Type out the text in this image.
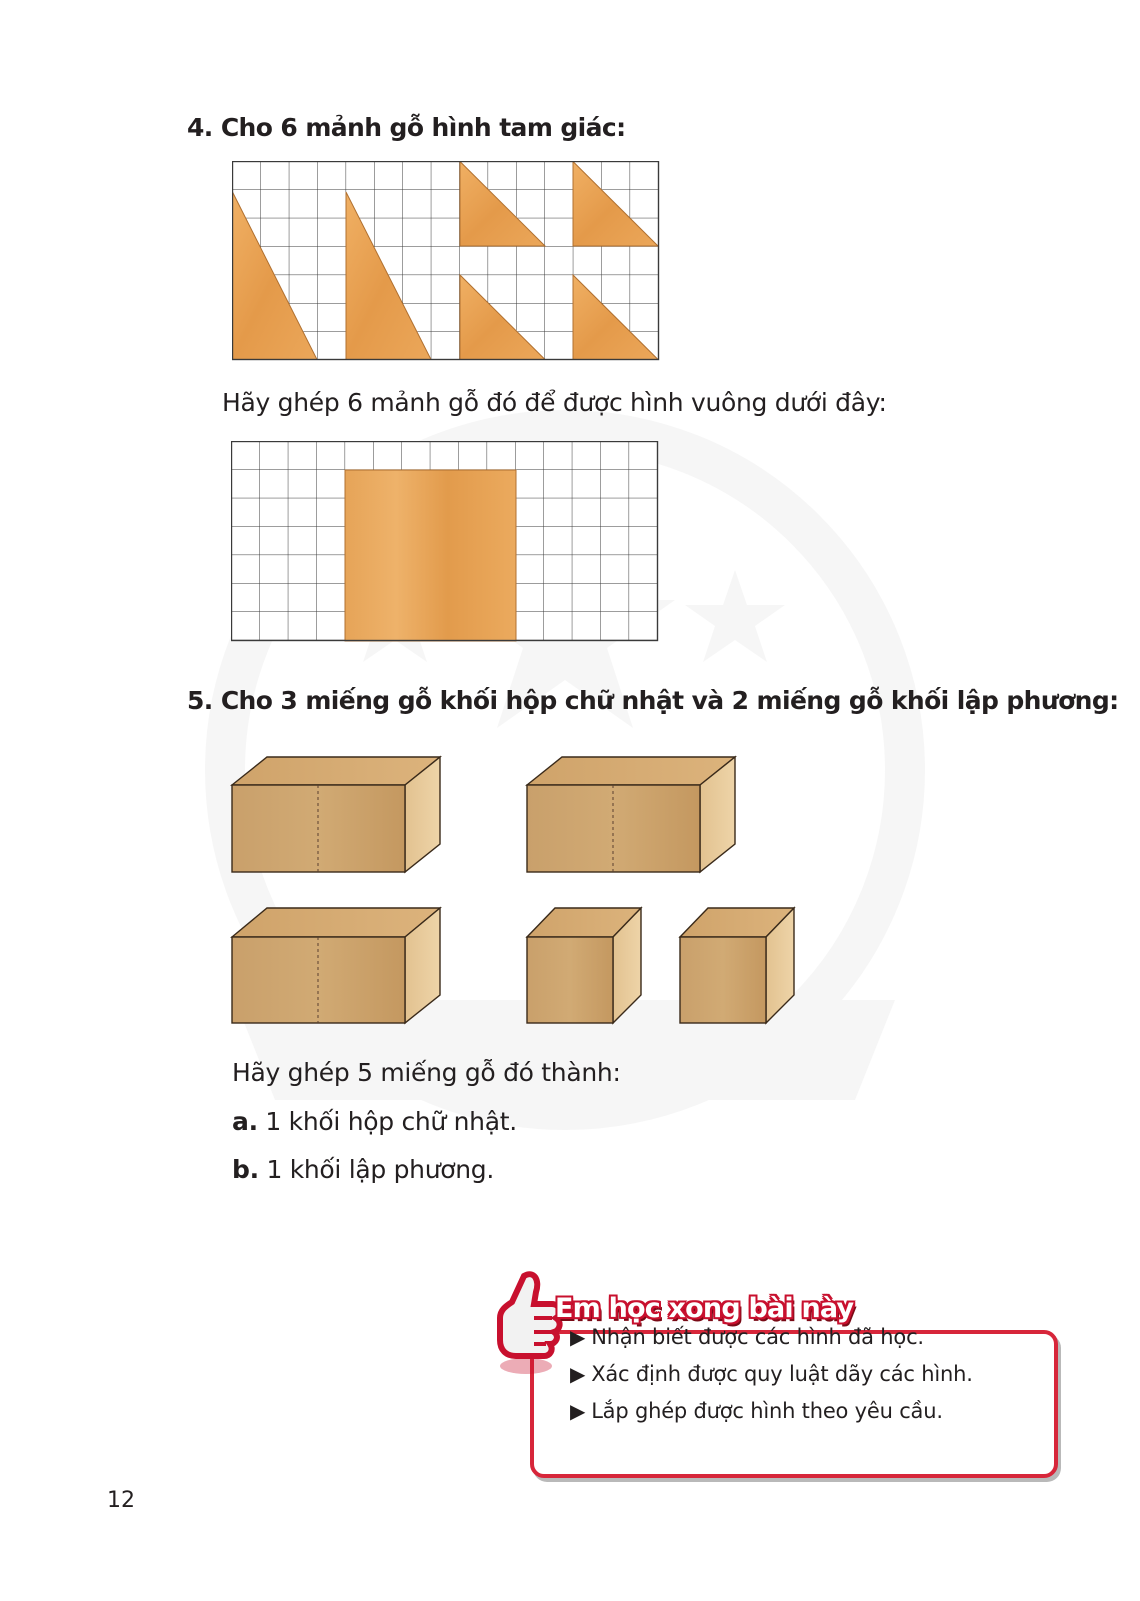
4. Cho 6 mảnh gỗ hình tam giác:
Hãy ghép 6 mảnh gỗ đó để được hình vuông dưới đây:
5. Cho 3 miếng gỗ khối hộp chữ nhật và 2 miếng gỗ khối lập phương:
Hãy ghép 5 miếng gỗ đó thành:
a. 1 khối hộp chữ nhật.
b. 1 khối lập phương.
Em học xong bài này
▶ Nhận biết được các hình đã học.
▶ Xác định được quy luật dãy các hình.
▶ Lắp ghép được hình theo yêu cầu.
12
